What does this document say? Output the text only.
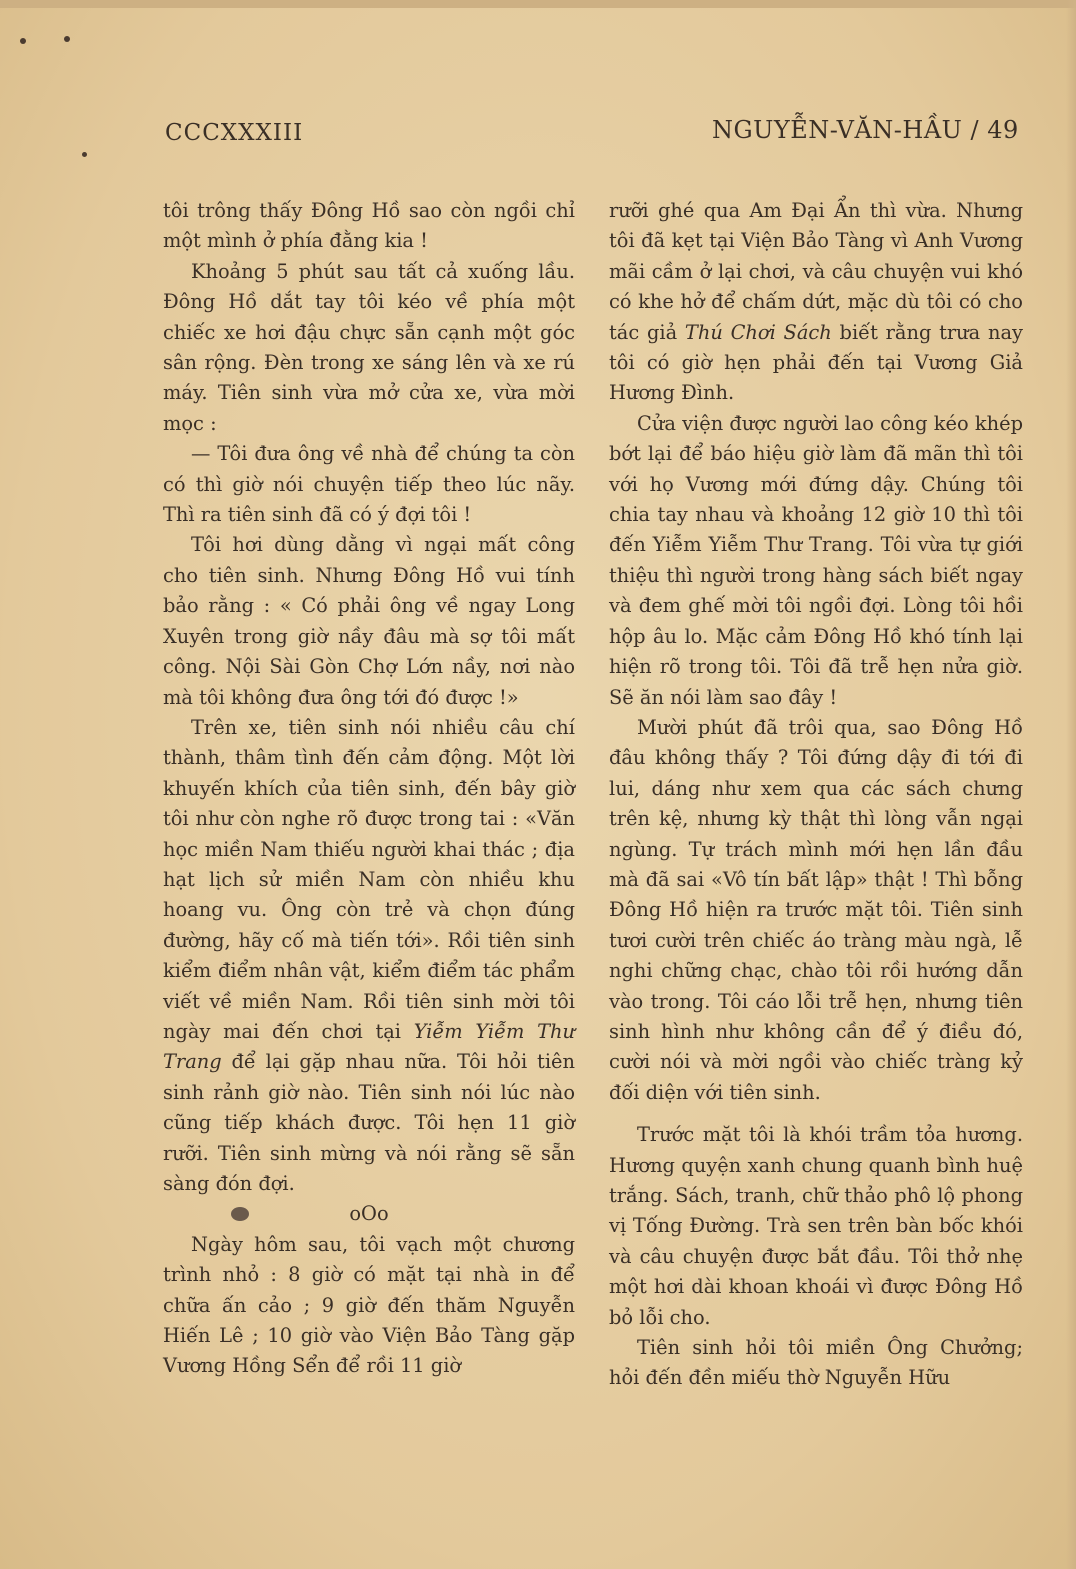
CCCXXXIII	NGUYỄN-VĂN-HẦU / 49

tôi trông thấy Đông Hồ sao còn ngồi chỉ một mình ở phía đằng kia !

Khoảng 5 phút sau tất cả xuống lầu. Đông Hồ dắt tay tôi kéo về phía một chiếc xe hơi đậu chực sẵn cạnh một góc sân rộng. Đèn trong xe sáng lên và xe rú máy. Tiên sinh vừa mở cửa xe, vừa mời mọc :

— Tôi đưa ông về nhà để chúng ta còn có thì giờ nói chuyện tiếp theo lúc nãy. Thì ra tiên sinh đã có ý đợi tôi !

Tôi hơi dùng dằng vì ngại mất công cho tiên sinh. Nhưng Đông Hồ vui tính bảo rằng : « Có phải ông về ngay Long Xuyên trong giờ nầy đâu mà sợ tôi mất công. Nội Sài Gòn Chợ Lớn nầy, nơi nào mà tôi không đưa ông tới đó được !»

Trên xe, tiên sinh nói nhiều câu chí thành, thâm tình đến cảm động. Một lời khuyến khích của tiên sinh, đến bây giờ tôi như còn nghe rõ được trong tai : «Văn học miền Nam thiếu người khai thác ; địa hạt lịch sử miền Nam còn nhiều khu hoang vu. Ông còn trẻ và chọn đúng đường, hãy cố mà tiến tới». Rồi tiên sinh kiểm điểm nhân vật, kiểm điểm tác phẩm viết về miền Nam. Rồi tiên sinh mời tôi ngày mai đến chơi tại Yiễm Yiễm Thư Trang để lại gặp nhau nữa. Tôi hỏi tiên sinh rảnh giờ nào. Tiên sinh nói lúc nào cũng tiếp khách được. Tôi hẹn 11 giờ rưỡi. Tiên sinh mừng và nói rằng sẽ sẵn sàng đón đợi.

oOo

Ngày hôm sau, tôi vạch một chương trình nhỏ : 8 giờ có mặt tại nhà in để chữa ấn cảo ; 9 giờ đến thăm Nguyễn Hiến Lê ; 10 giờ vào Viện Bảo Tàng gặp Vương Hồng Sển để rồi 11 giờ

rưỡi ghé qua Am Đại Ẩn thì vừa. Nhưng tôi đã kẹt tại Viện Bảo Tàng vì Anh Vương mãi cầm ở lại chơi, và câu chuyện vui khó có khe hở để chấm dứt, mặc dù tôi có cho tác giả Thú Chơi Sách biết rằng trưa nay tôi có giờ hẹn phải đến tại Vương Giả Hương Đình.

Cửa viện được người lao công kéo khép bớt lại để báo hiệu giờ làm đã mãn thì tôi với họ Vương mới đứng dậy. Chúng tôi chia tay nhau và khoảng 12 giờ 10 thì tôi đến Yiễm Yiễm Thư Trang. Tôi vừa tự giới thiệu thì người trong hàng sách biết ngay và đem ghế mời tôi ngồi đợi. Lòng tôi hồi hộp âu lo. Mặc cảm Đông Hồ khó tính lại hiện rõ trong tôi. Tôi đã trễ hẹn nửa giờ. Sẽ ăn nói làm sao đây !

Mười phút đã trôi qua, sao Đông Hồ đâu không thấy ? Tôi đứng dậy đi tới đi lui, dáng như xem qua các sách chưng trên kệ, nhưng kỳ thật thì lòng vẫn ngại ngùng. Tự trách mình mới hẹn lần đầu mà đã sai «Vô tín bất lập» thật ! Thì bỗng Đông Hồ hiện ra trước mặt tôi. Tiên sinh tươi cười trên chiếc áo tràng màu ngà, lễ nghi chững chạc, chào tôi rồi hướng dẫn vào trong. Tôi cáo lỗi trễ hẹn, nhưng tiên sinh hình như không cần để ý điều đó, cười nói và mời ngồi vào chiếc tràng kỷ đối diện với tiên sinh.

Trước mặt tôi là khói trầm tỏa hương. Hương quyện xanh chung quanh bình huệ trắng. Sách, tranh, chữ thảo phô lộ phong vị Tống Đường. Trà sen trên bàn bốc khói và câu chuyện được bắt đầu. Tôi thở nhẹ một hơi dài khoan khoái vì được Đông Hồ bỏ lỗi cho.

Tiên sinh hỏi tôi miền Ông Chưởng; hỏi đến đền miếu thờ Nguyễn Hữu
